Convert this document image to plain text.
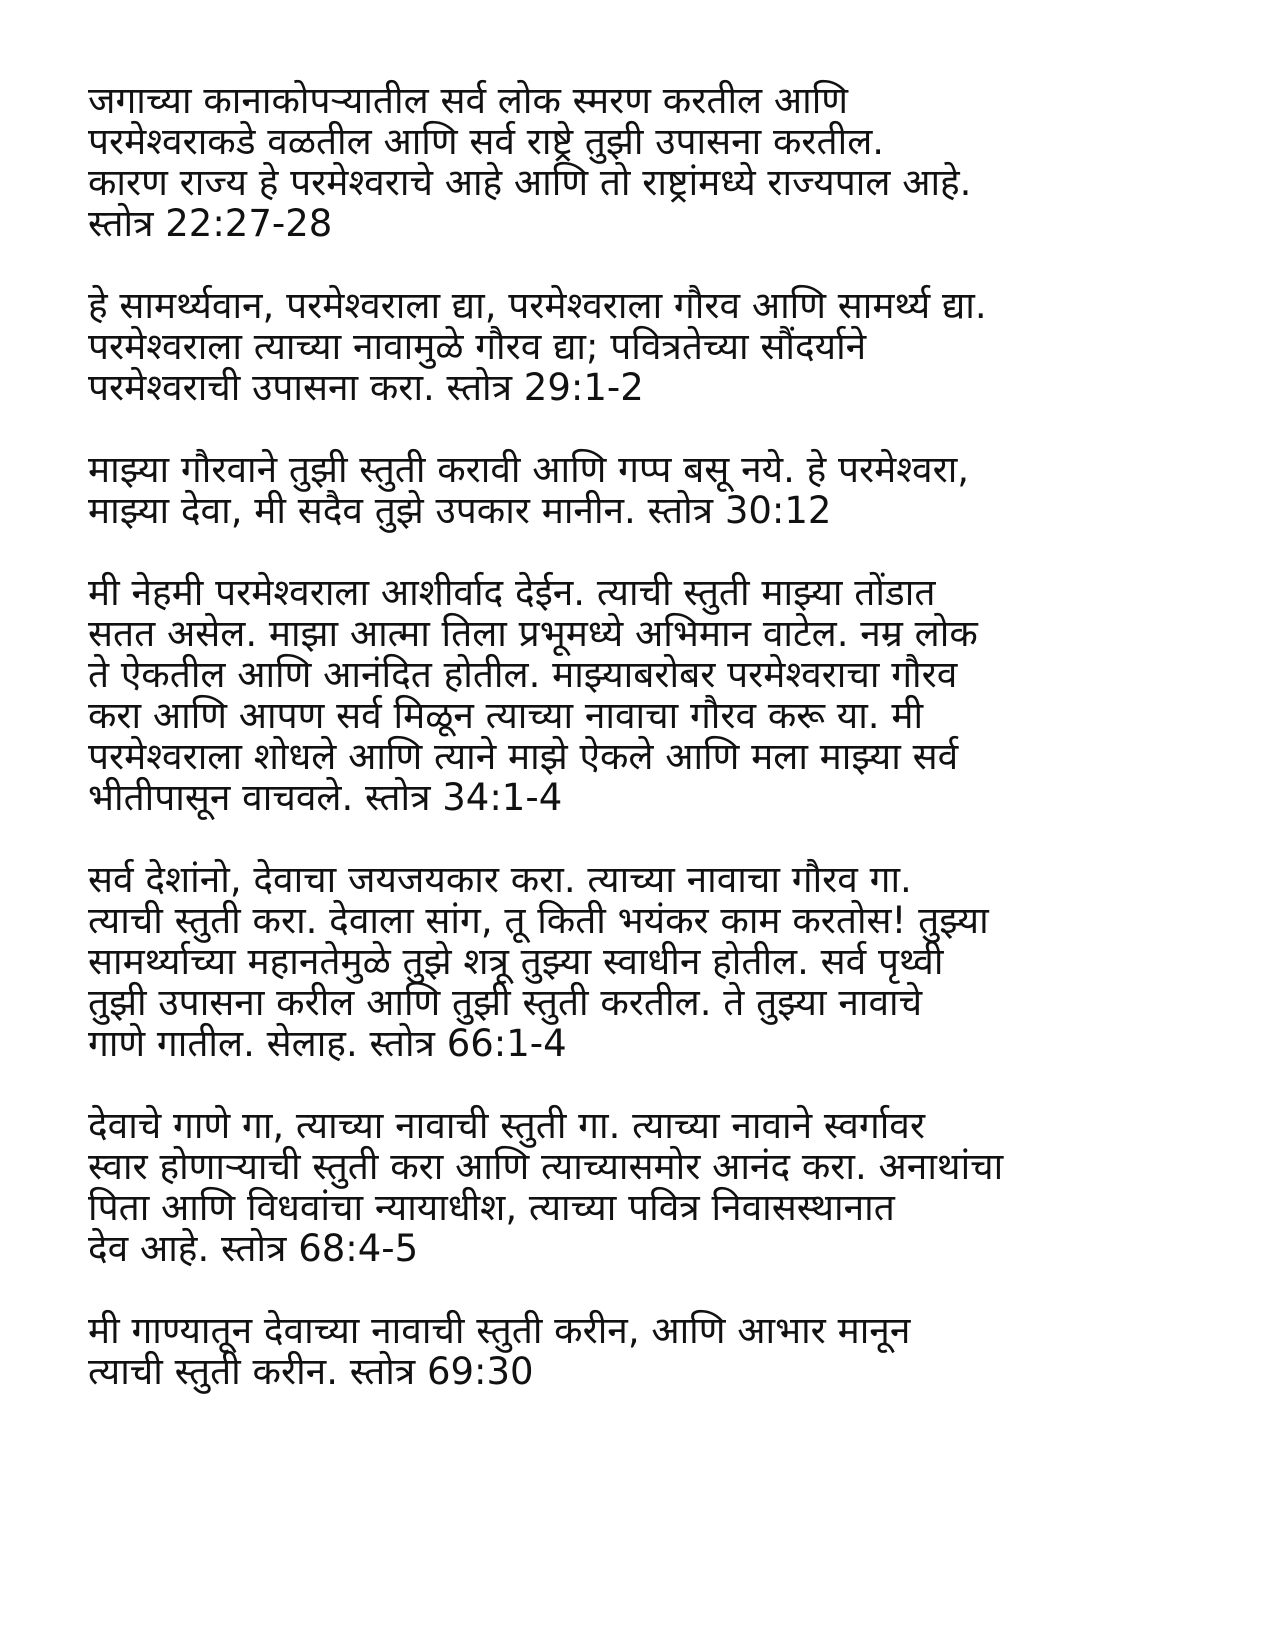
जगाच्या कानाकोपऱ्यातील सर्व लोक स्मरण करतील आणि
परमेश्वराकडे वळतील आणि सर्व राष्ट्रे तुझी उपासना करतील.
कारण राज्य हे परमेश्वराचे आहे आणि तो राष्ट्रांमध्ये राज्यपाल आहे.
स्तोत्र 22:27-28
हे सामर्थ्यवान, परमेश्वराला द्या, परमेश्वराला गौरव आणि सामर्थ्य द्या.
परमेश्वराला त्याच्या नावामुळे गौरव द्या; पवित्रतेच्या सौंदर्याने
परमेश्वराची उपासना करा. स्तोत्र 29:1-2
माझ्या गौरवाने तुझी स्तुती करावी आणि गप्प बसू नये. हे परमेश्वरा,
माझ्या देवा, मी सदैव तुझे उपकार मानीन. स्तोत्र 30:12
मी नेहमी परमेश्वराला आशीर्वाद देईन. त्याची स्तुती माझ्या तोंडात
सतत असेल. माझा आत्मा तिला प्रभूमध्ये अभिमान वाटेल. नम्र लोक
ते ऐकतील आणि आनंदित होतील. माझ्याबरोबर परमेश्वराचा गौरव
करा आणि आपण सर्व मिळून त्याच्या नावाचा गौरव करू या. मी
परमेश्वराला शोधले आणि त्याने माझे ऐकले आणि मला माझ्या सर्व
भीतीपासून वाचवले. स्तोत्र 34:1-4
सर्व देशांनो, देवाचा जयजयकार करा. त्याच्या नावाचा गौरव गा.
त्याची स्तुती करा. देवाला सांग, तू किती भयंकर काम करतोस! तुझ्या
सामर्थ्याच्या महानतेमुळे तुझे शत्रू तुझ्या स्वाधीन होतील. सर्व पृथ्वी
तुझी उपासना करील आणि तुझी स्तुती करतील. ते तुझ्या नावाचे
गाणे गातील. सेलाह. स्तोत्र 66:1-4
देवाचे गाणे गा, त्याच्या नावाची स्तुती गा. त्याच्या नावाने स्वर्गावर
स्वार होणाऱ्याची स्तुती करा आणि त्याच्यासमोर आनंद करा. अनाथांचा
पिता आणि विधवांचा न्यायाधीश, त्याच्या पवित्र निवासस्थानात
देव आहे. स्तोत्र 68:4-5
मी गाण्यातून देवाच्या नावाची स्तुती करीन, आणि आभार मानून
त्याची स्तुती करीन. स्तोत्र 69:30
